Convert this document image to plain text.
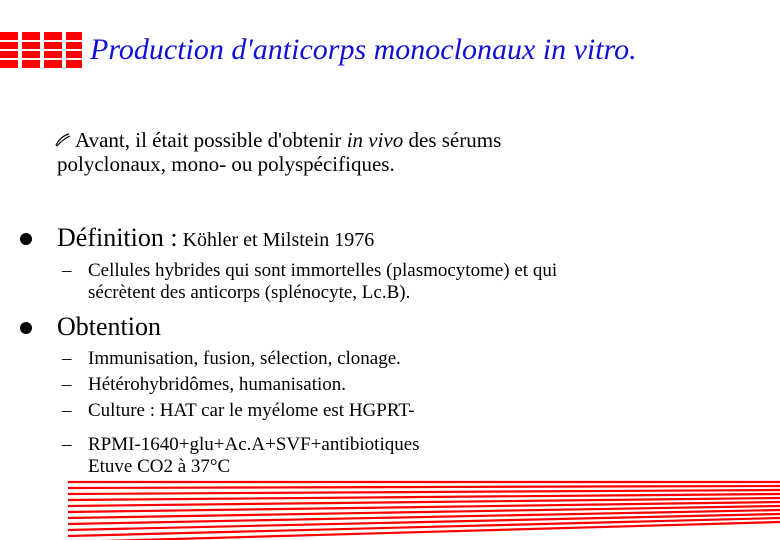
Production d'anticorps monoclonaux in vitro.
Avant, il était possible d'obtenir in vivo des sérums
polyclonaux, mono- ou polyspécifiques.
Définition : Köhler et Milstein 1976
– Cellules hybrides qui sont immortelles (plasmocytome) et qui
sécrètent des anticorps (splénocyte, Lc.B).
Obtention
– Immunisation, fusion, sélection, clonage.
– Hétérohybridômes, humanisation.
– Culture : HAT car le myélome est HGPRT-
– RPMI-1640+glu+Ac.A+SVF+antibiotiques
Etuve CO2 à 37°C
